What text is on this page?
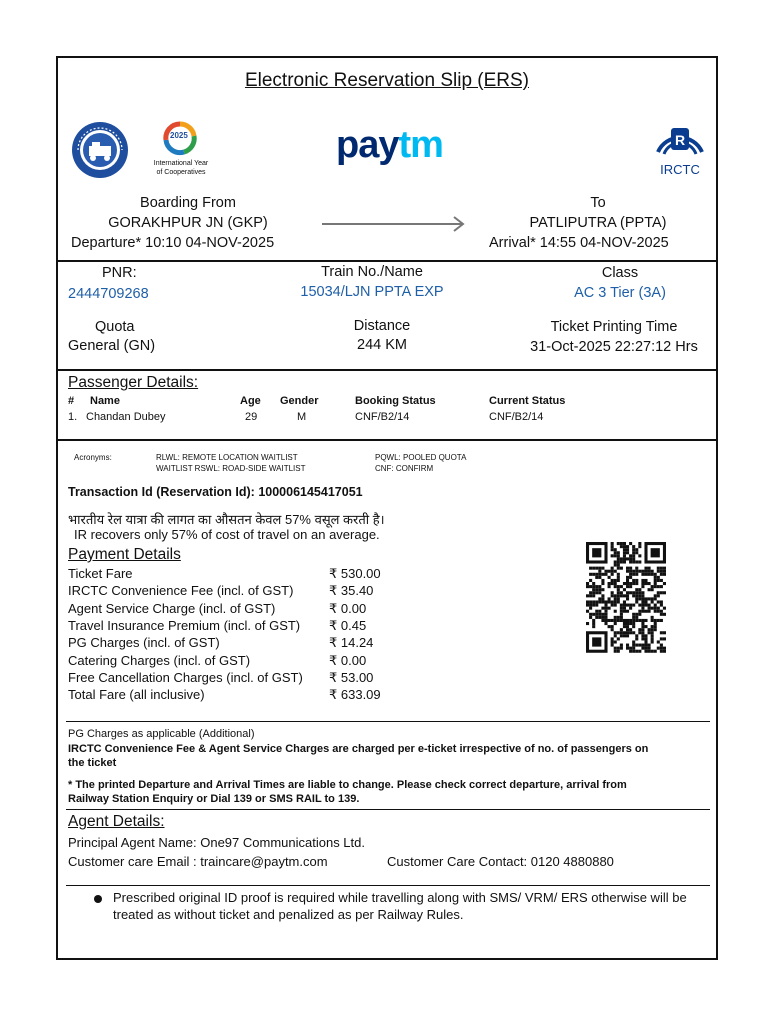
Electronic Reservation Slip (ERS)
2025
International Year
of Cooperatives
paytm	R
IRCTC
Boarding From
GORAKHPUR JN (GKP)
Departure* 10:10 04-NOV-2025
To
PATLIPUTRA (PPTA)
Arrival* 14:55 04-NOV-2025
PNR:
2444709268
Train No./Name
15034/LJN PPTA EXP
Class
AC 3 Tier (3A)
Quota
General (GN)
Distance
244 KM
Ticket Printing Time
31-Oct-2025 22:27:12 Hrs
Passenger Details:
# Name	Age Gender	Booking Status	Current Status
1. Chandan Dubey	29	M	CNF/B2/14	CNF/B2/14
Acronyms:	RLWL: REMOTE LOCATION WAITLIST
WAITLIST RSWL: ROAD-SIDE WAITLIST
PQWL: POOLED QUOTA
CNF: CONFIRM
Transaction Id (Reservation Id): 100006145417051
भारतीय रेल यात्रा की लागत का औसतन केवल 57% वसूल करती है।
IR recovers only 57% of cost of travel on an average.
Payment Details
Ticket Fare	₹ 530.00
IRCTC Convenience Fee (incl. of GST)	₹ 35.40
Agent Service Charge (incl. of GST)	₹ 0.00
Travel Insurance Premium (incl. of GST) ₹ 0.45
PG Charges (incl. of GST)	₹ 14.24
Catering Charges (incl. of GST)	₹ 0.00
Free Cancellation Charges (incl. of GST) ₹ 53.00
Total Fare (all inclusive)	₹ 633.09
PG Charges as applicable (Additional)
IRCTC Convenience Fee & Agent Service Charges are charged per e-ticket irrespective of no. of passengers on
the ticket
* The printed Departure and Arrival Times are liable to change. Please check correct departure, arrival from
Railway Station Enquiry or Dial 139 or SMS RAIL to 139.
Agent Details:
Principal Agent Name: One97 Communications Ltd.
Customer care Email : traincare@paytm.com	Customer Care Contact: 0120 4880880
Prescribed original ID proof is required while travelling along with SMS/ VRM/ ERS otherwise will be
treated as without ticket and penalized as per Railway Rules.
